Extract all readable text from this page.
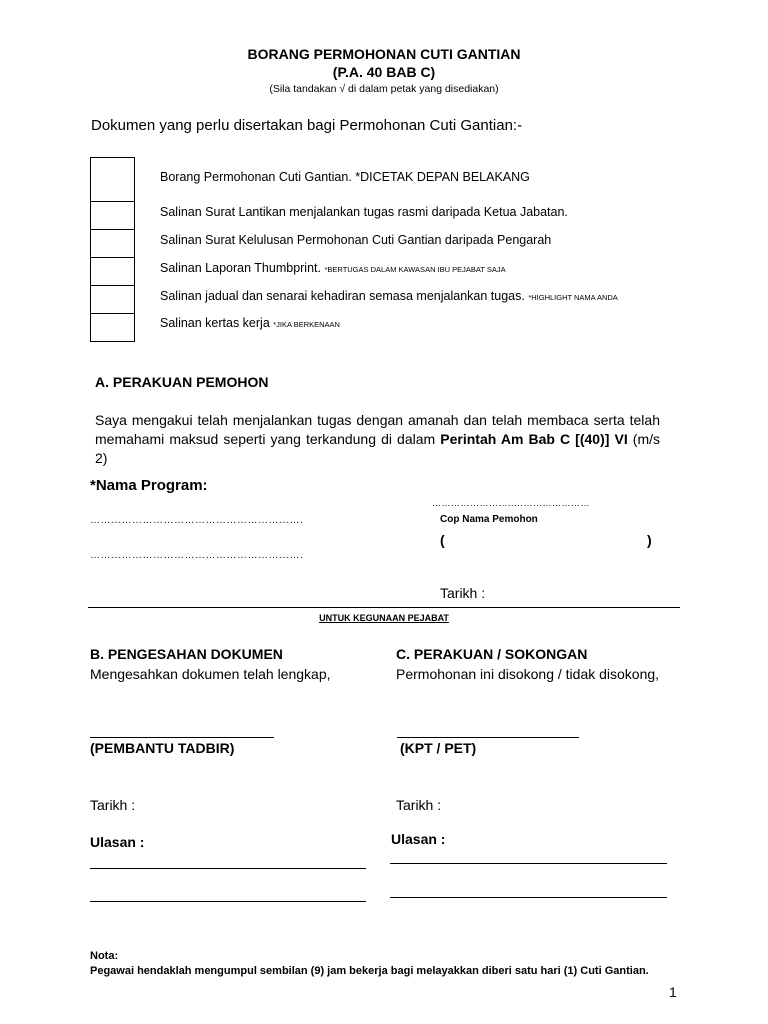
BORANG PERMOHONAN CUTI GANTIAN
(P.A. 40 BAB C)
(Sila tandakan √ di dalam petak yang disediakan)
Dokumen yang perlu disertakan bagi Permohonan Cuti Gantian:-
Borang Permohonan Cuti Gantian. *DICETAK DEPAN BELAKANG
Salinan Surat Lantikan menjalankan tugas rasmi daripada Ketua Jabatan.
Salinan Surat Kelulusan Permohonan Cuti Gantian daripada Pengarah
Salinan Laporan Thumbprint. *BERTUGAS DALAM KAWASAN IBU PEJABAT SAJA
Salinan jadual dan senarai kehadiran semasa menjalankan tugas. *HIGHLIGHT NAMA ANDA
Salinan kertas kerja *JIKA BERKENAAN
A. PERAKUAN PEMOHON
Saya mengakui telah menjalankan tugas dengan amanah dan telah membaca serta telah memahami maksud seperti yang terkandung di dalam Perintah Am Bab C [(40)] VI (m/s 2)
*Nama Program:
…………………………………………………….
…………………………………………………….
……………………..……………………
Cop Nama Pemohon
(	)
Tarikh :
UNTUK KEGUNAAN PEJABAT
B. PENGESAHAN DOKUMEN
Mengesahkan dokumen telah lengkap,
(PEMBANTU TADBIR)
Tarikh :
Ulasan :
C. PERAKUAN / SOKONGAN
Permohonan ini disokong / tidak disokong,
(KPT / PET)
Tarikh :
Ulasan :
Nota:
Pegawai hendaklah mengumpul sembilan (9) jam bekerja bagi melayakkan diberi satu hari (1) Cuti Gantian.
1
